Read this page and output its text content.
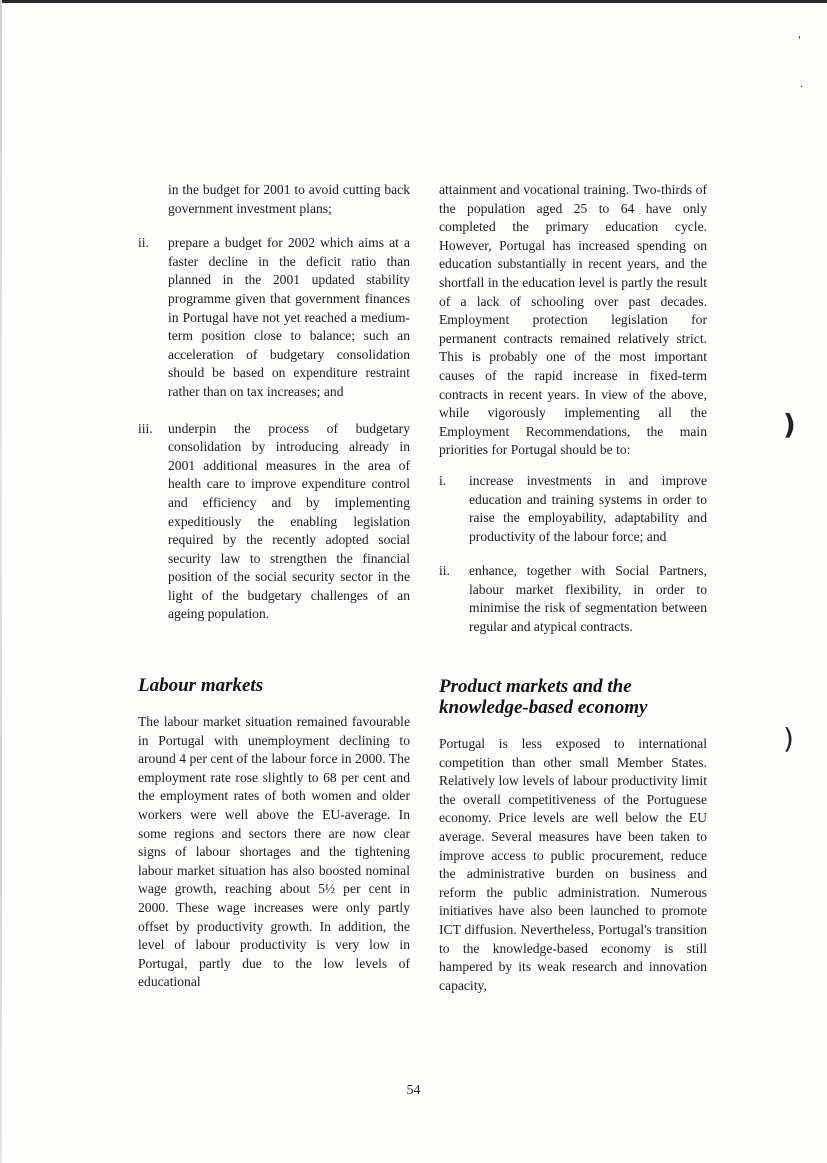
in the budget for 2001 to avoid cutting back government investment plans;

ii. prepare a budget for 2002 which aims at a faster decline in the deficit ratio than planned in the 2001 updated stability programme given that government finances in Portugal have not yet reached a medium-term position close to balance; such an acceleration of budgetary consolidation should be based on expenditure restraint rather than on tax increases; and
iii. underpin the process of budgetary consolidation by introducing already in 2001 additional measures in the area of health care to improve expenditure control and efficiency and by implementing expeditiously the enabling legislation required by the recently adopted social security law to strengthen the financial position of the social security sector in the light of the budgetary challenges of an ageing population.

attainment and vocational training. Two-thirds of the population aged 25 to 64 have only completed the primary education cycle. However, Portugal has increased spending on education substantially in recent years, and the shortfall in the education level is partly the result of a lack of schooling over past decades. Employment protection legislation for permanent contracts remained relatively strict. This is probably one of the most important causes of the rapid increase in fixed-term contracts in recent years. In view of the above, while vigorously implementing all the Employment Recommendations, the main priorities for Portugal should be to:

i. increase investments in and improve education and training systems in order to raise the employability, adaptability and productivity of the labour force; and
ii. enhance, together with Social Partners, labour market flexibility, in order to minimise the risk of segmentation between regular and atypical contracts.
Labour markets

The labour market situation remained favourable in Portugal with unemployment declining to around 4 per cent of the labour force in 2000. The employment rate rose slightly to 68 per cent and the employment rates of both women and older workers were well above the EU-average. In some regions and sectors there are now clear signs of labour shortages and the tightening labour market situation has also boosted nominal wage growth, reaching about 5½ per cent in 2000. These wage increases were only partly offset by productivity growth. In addition, the level of labour productivity is very low in Portugal, partly due to the low levels of educational

Product markets and the knowledge-based economy

Portugal is less exposed to international competition than other small Member States. Relatively low levels of labour productivity limit the overall competitiveness of the Portuguese economy. Price levels are well below the EU average. Several measures have been taken to improve access to public procurement, reduce the administrative burden on business and reform the public administration. Numerous initiatives have also been launched to promote ICT diffusion. Nevertheless, Portugal's transition to the knowledge-based economy is still hampered by its weak research and innovation capacity,

54
)
)
'
·
